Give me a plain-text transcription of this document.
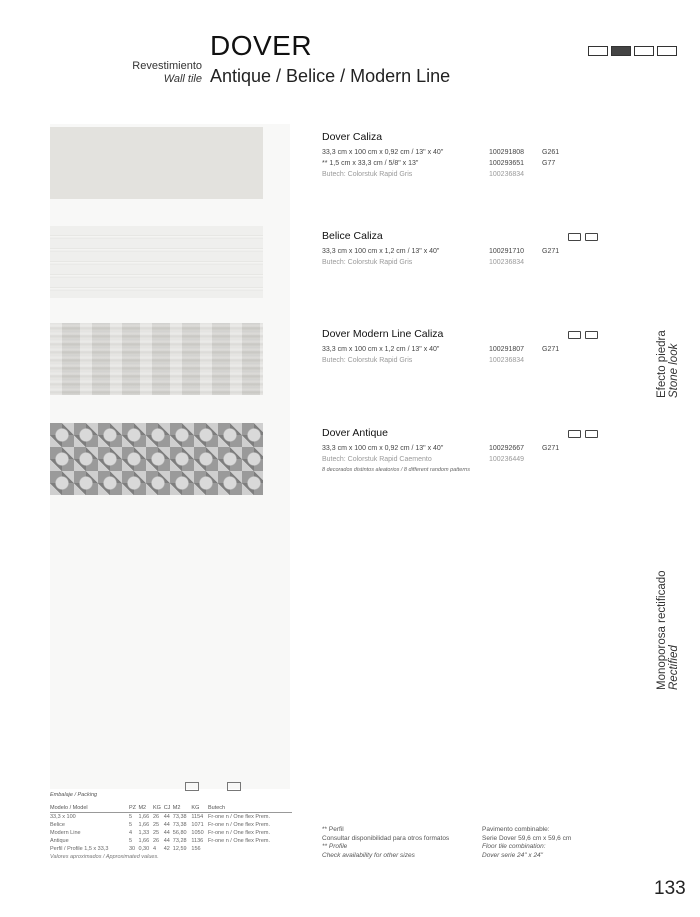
Revestimiento
Wall tile
DOVER
Antique / Belice / Modern Line
Dover Caliza
33,3 cm x 100 cm x 0,92 cm / 13" x 40"	100291808	G261
** 1,5 cm x 33,3 cm / 5/8" x 13"	100293651	G77
Butech: Colorstuk Rapid Gris	100236834
Belice Caliza
33,3 cm x 100 cm x 1,2 cm / 13" x 40"	100291710	G271
Butech: Colorstuk Rapid Gris	100236834
Dover Modern Line Caliza
33,3 cm x 100 cm x 1,2 cm / 13" x 40"	100291807	G271
Butech: Colorstuk Rapid Gris	100236834
Dover Antique
33,3 cm x 100 cm x 0,92 cm / 13" x 40"	100292667	G271
Butech: Colorstuk Rapid Caemento	100236449
8 decorados distintos aleatorios / 8 different random patterns
Efecto piedra Stone look
Monoporosa rectificado Rectified
Embalaje / Packing
Modelo / Model	PZ	M2	KG	CJ	M2	KG	Butech
33,3 x 100	5	1,66	26	44	73,38	1154	Fr-one n / One flex Prem.
Belice	5	1,66	25	44	73,38	1071	Fr-one n / One flex Prem.
Modern Line	4	1,33	25	44	56,80	1050	Fr-one n / One flex Prem.
Antique	5	1,66	26	44	73,28	1136	Fr-one n / One flex Prem.
Perfil / Profile 1,5 x 33,3	30	0,30	4	42	12,59	156	
Valores aproximados / Approximated values.
** Perfil
Consultar disponibilidad para otros formatos
** Profile
Check availability for other sizes
Pavimento combinable:
Serie Dover 59,6 cm x 59,6 cm
Floor tile combination:
Dover serie 24" x 24"
133
